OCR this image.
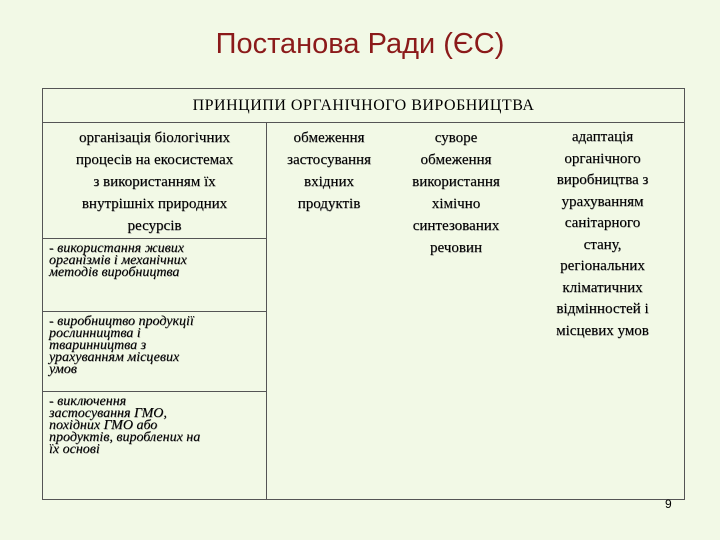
Постанова Ради (ЄС)
ПРИНЦИПИ ОРГАНІЧНОГО ВИРОБНИЦТВА
організація біологічних
процесів на екосистемах
з використанням їх
внутрішніх природних
ресурсів
- використання живих
організмів і механічних
методів виробництва
- виробництво продукції
рослинництва і
тваринництва з
урахуванням місцевих
умов
- виключення
застосування ГМО,
похідних ГМО або
продуктів, вироблених на
їх основі
обмеження
застосування
вхідних
продуктів
суворе
обмеження
використання
хімічно
синтезованих
речовин
адаптація
органічного
виробництва з
урахуванням
санітарного
стану,
регіональних
кліматичних
відмінностей і
місцевих умов
9
